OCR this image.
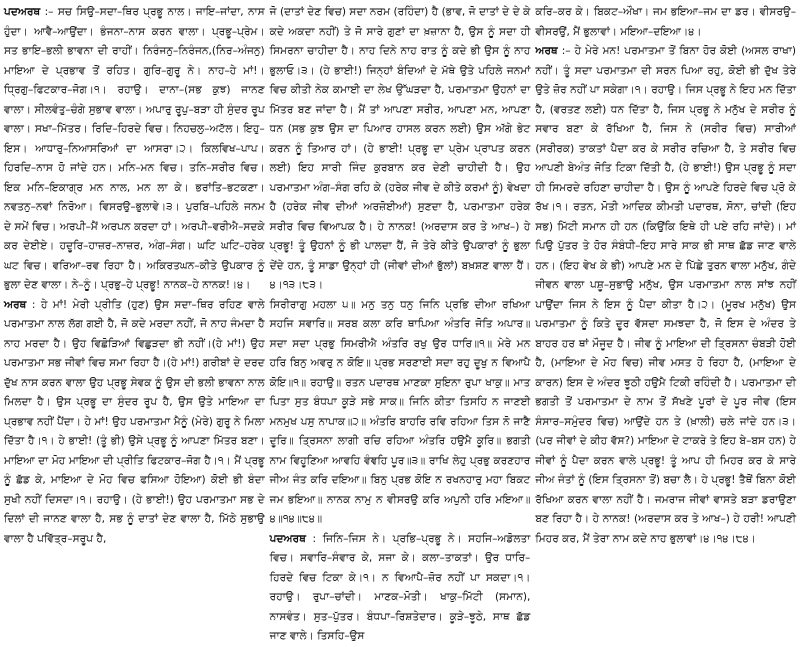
ਪਦਅਰਥ :– ਸਚ ਸਿਉ–ਸਦਾ–ਥਿਰ ਪ੍ਰਭੂ ਨਾਲ। ਜਾਇ–ਜਾਂਦਾ, ਨਾਸ ਹੁੰਦਾ। ਆਵੈ–ਆਉਂਦਾ। ਭੰਜਨਾ–ਨਾਸ ਕਰਨ ਵਾਲਾ। ਪ੍ਰਭੂ–ਪ੍ਰੇਮ। ਸਤ ਭਾਇ–ਭਲੀ ਭਾਵਨਾ ਦੀ ਰਾਹੀਂ। ਨਿਰੰਜਨੁ–ਨਿਰੰਜਨ,(ਨਿਰ–ਅੰਜਨੁ) ਮਾਇਆ ਦੇ ਪ੍ਰਭਾਵ ਤੋਂ ਰਹਿਤ। ਗੁਰਿ–ਗੁਰੂ ਨੇ। ਨਾਹ–ਹੇ ਮਾਂ!। ਧ੍ਰਿਗੁ–ਫਿਟਕਾਰ–ਜੋਗ।੧। ਰਹਾਉ। ਦਾਨਾ–(ਸਭ ਕੁਝ) ਜਾਨਣ ਵਾਲਾ। ਸੀਲਵੰਤੁ–ਚੰਗੇ ਸੁਭਾਵ ਵਾਲਾ। ਅਪਾਰੁ ਰੂਪੁ–ਬੜਾ ਹੀ ਸੁੰਦਰ ਰੂਪ ਵਾਲਾ। ਸਖਾ–ਮਿੱਤਰ। ਰਿਦਿ–ਹਿਰਦੇ ਵਿਚ। ਨਿਹਚਲੁ–ਅਟੱਲ। ਇਹੁ–ਇਸ। ਆਧਾਰੁ–ਨਿਆਸਰਿਆਂ ਦਾ ਆਸਰਾ।੨। ਕਿਲਵਿਖ–ਪਾਪ। ਹਿਰਦਿ–ਨਾਸ ਹੋ ਜਾਂਦੇ ਹਨ। ਮਨਿ–ਮਨ ਵਿਚ। ਤਨਿ–ਸਰੀਰ ਵਿਚ। ਇਕ ਮਨਿ–ਇਕਾਗ੍ਰ ਮਨ ਨਾਲ, ਮਨ ਲਾ ਕੇ। ਭਰਾਂਤਿ–ਭਟਕਣਾ। ਨਵਤਨੁ–ਨਵਾਂ ਨਿਰੋਆ। ਵਿਸਰਉ–ਭੁਲਾਵੇ।੩। ਪੁਰਬਿ–ਪਹਿਲੇ ਜਨਮ ਦੇ ਸਮੇਂ ਵਿਚ। ਅਰਪੀ–ਮੈਂ ਅਰਪਨ ਕਰਦਾ ਹਾਂ। ਅਰਪੀ–ਵਰੀਐ–ਸਦਕੇ ਕਰ ਦੇਈਏ। ਹਦੂਰਿ–ਹਾਜ਼ਰ–ਨਾਜ਼ਰ, ਅੰਗ–ਸੰਗ। ਘਟਿ ਘਟਿ–ਹਰੇਕ ਘਟ ਵਿਚ। ਵਰਿਆ–ਰਵ ਰਿਹਾ ਹੈ। ਅਕਿਰਤਘਨ–ਕੀਤੇ ਉਪਕਾਰ ਨੂੰ ਭੁਲਾ ਦੇਣ ਵਾਲਾ। ਨੇ–ਨੂੰ। ਪ੍ਰਭੁ–ਹੇ ਪ੍ਰਭੂ! ਨਾਨਕ–ਹੇ ਨਾਨਕ!।੪।

ਅਰਥ : ਹੇ ਮਾਂ! ਮੇਰੀ ਪ੍ਰੀਤਿ (ਹੁਣ) ਉਸ ਸਦਾ–ਥਿਰ ਰਹਿਣ ਵਾਲੇ ਪਰਮਾਤਮਾ ਨਾਲ ਲੱਗ ਗਈ ਹੈ, ਜੋ ਕਦੇ ਮਰਦਾ ਨਹੀਂ, ਜੋ ਨਾਹ ਜੰਮਦਾ ਹੈ ਨਾਹ ਮਰਦਾ ਹੈ। ਉਹ ਵਿਛੋੜਿਆਂ ਵਿਛੁੜਦਾ ਭੀ ਨਹੀਂ।(ਹੇ ਮਾਂ!) ਉਹ ਪਰਮਾਤਮਾ ਸਭ ਜੀਵਾਂ ਵਿਚ ਸਮਾ ਰਿਹਾ ਹੈ।(ਹੇ ਮਾਂ!) ਗਰੀਬਾਂ ਦੇ ਦਰਦ ਦੁੱਖ ਨਾਸ ਕਰਨ ਵਾਲਾ ਉਹ ਪ੍ਰਭੂ ਸੇਵਕ ਨੂੰ ਉਸ ਦੀ ਭਲੀ ਭਾਵਨਾ ਨਾਲ ਮਿਲਦਾ ਹੈ। ਉਸ ਪ੍ਰਭੂ ਦਾ ਸੁੰਦਰ ਰੂਪ ਹੈ, ਉਸ ਉਤੇ ਮਾਇਆ ਦਾ ਪ੍ਰਭਾਵ ਨਹੀਂ ਪੈਂਦਾ। ਹੇ ਮਾਂ! ਉਹ ਪਰਮਾਤਮਾ ਮੈਨੂੰ (ਮੇਰੇ) ਗੁਰੂ ਨੇ ਮਿਲਾ ਦਿੱਤਾ ਹੈ।੧। ਹੇ ਭਾਈ! (ਤੂੰ ਭੀ) ਉਸੇ ਪ੍ਰਭੂ ਨੂੰ ਆਪਣਾ ਮਿੱਤਰ ਬਣਾ। ਮਾਇਆ ਦਾ ਮੋਹ ਮਾਇਆ ਦੀ ਪ੍ਰੀਤਿ ਫਿਟਕਾਰ–ਜੋਗ ਹੈ।੧। ਮੈਂ ਪ੍ਰਭੂ ਨੂੰ ਛੱਡ ਕੇ, ਮਾਇਆ ਦੇ ਮੋਹ ਵਿਚ ਫਸਿਆ ਹੋਇਆ) ਕੋਈ ਭੀ ਬੰਦਾ ਸੁਖੀ ਨਹੀਂ ਦਿਸਦਾ।੧। ਰਹਾਉ। (ਹੇ ਭਾਈ!) ਉਹ ਪਰਮਾਤਮਾ ਸਭ ਦੇ ਦਿਲਾਂ ਦੀ ਜਾਨਣ ਵਾਲਾ ਹੈ, ਸਭ ਨੂੰ ਦਾਤਾਂ ਦੇਣ ਵਾਲਾ ਹੈ, ਮਿੱਠੇ ਸੁਭਾਉ ਵਾਲਾ ਹੈ ਪਵਿੱਤ੍ਰ–ਸਰੂਪ ਹੈ,

ਜੋ (ਦਾਤਾਂ ਦੇਣ ਵਿਚ) ਸਦਾ ਨਰਮ (ਰਹਿੰਦਾ) ਹੈ (ਭਾਵ, ਜੋ ਦਾਤਾਂ ਦੇ ਦੇ ਕੇ ਕਦੇ ਅਕਦਾ ਨਹੀਂ) ਤੇ ਜੋ ਸਾਰੇ ਗੁਣਾਂ ਦਾ ਖ਼ਜ਼ਾਨਾ ਹੈ, ਉਸ ਨੂੰ ਸਦਾ ਹੀ ਸਿਮਰਨਾ ਚਾਹੀਦਾ ਹੈ। ਨਾਹ ਦਿਨੇ ਨਾਹ ਰਾਤ ਨੂੰ ਕਦੇ ਭੀ ਉਸ ਨੂੰ ਨਾਹ ਭੁਲਾਓ।੩। (ਹੇ ਭਾਈ!) ਜਿਨ੍ਹਾਂ ਬੰਦਿਆਂ ਦੇ ਮੱਥੇ ਉਤੇ ਪਹਿਲੇ ਜਨਮਾਂ ਵਿਚ ਕੀਤੀ ਨੇਕ ਕਮਾਈ ਦਾ ਲੇਖ ਉੱਘੜਦਾ ਹੈ, ਪਰਮਾਤਮਾ ਉਹਨਾਂ ਦਾ ਮਿੱਤਰ ਬਣ ਜਾਂਦਾ ਹੈ। ਮੈਂ ਤਾਂ ਆਪਣਾ ਸਰੀਰ, ਆਪਣਾ ਮਨ, ਆਪਣਾ ਧਨ (ਸਭ ਕੁਝ ਉਸ ਦਾ ਪਿਆਰ ਹਾਸਲ ਕਰਨ ਲਈ) ਉਸ ਅੱਗੇ ਭੇਟ ਕਰਨ ਨੂੰ ਤਿਆਰ ਹਾਂ। (ਹੇ ਭਾਈ! ਪ੍ਰਭੂ ਦਾ ਪ੍ਰੇਮ ਪ੍ਰਾਪਤ ਕਰਨ ਲਈ) ਇਹ ਸਾਰੀ ਜਿੰਦ ਕੁਰਬਾਨ ਕਰ ਦੇਣੀ ਚਾਹੀਦੀ ਹੈ। ਉਹ ਪਰਮਾਤਮਾ ਅੰਗ–ਸੰਗ ਰਹਿ ਕੇ (ਹਰੇਕ ਜੀਵ ਦੇ ਕੀਤੇ ਕਰਮਾਂ ਨੂੰ) ਵੇਖਦਾ ਹੈ (ਹਰੇਕ ਜੀਵ ਦੀਆਂ ਅਰਜ਼ੋਈਆਂ) ਸੁਣਦਾ ਹੈ, ਪਰਮਾਤਮਾ ਹਰੇਕ ਸਰੀਰ ਵਿਚ ਵਿਆਪਕ ਹੈ। ਹੇ ਨਾਨਕ! (ਅਰਦਾਸ ਕਰ ਤੇ ਆਖ–) ਹੇ ਪ੍ਰਭੂ! ਤੂੰ ਉਹਨਾਂ ਨੂੰ ਭੀ ਪਾਲਦਾ ਹੈਂ, ਜੋ ਤੇਰੇ ਕੀਤੇ ਉਪਕਾਰਾਂ ਨੂੰ ਭੁਲਾ ਦੇਂਦੇ ਹਨ, ਤੂੰ ਸਾਡਾ ਉਨ੍ਹਾਂ ਹੀ (ਜੀਵਾਂ ਦੀਆਂ ਭੁੱਲਾਂ) ਬਖ਼ਸ਼ਣ ਵਾਲਾ ਹੈਂ।੪।੧੩।੮੩।

ਸਿਰੀਰਾਗੁ ਮਹਲਾ ੫॥ ਮਨੁ ਤਨੁ ਧਨੁ ਜਿਨਿ ਪ੍ਰਭਿ ਦੀਆ ਰਖਿਆ ਸਹਜਿ ਸਵਾਰਿ॥ ਸਰਬ ਕਲਾ ਕਰਿ ਥਾਪਿਆ ਅੰਤਰਿ ਜੋਤਿ ਅਪਾਰ॥ ਸਦਾ ਸਦਾ ਪ੍ਰਭੁ ਸਿਮਰੀਐ ਅੰਤਰਿ ਰਖੁ ਉਰ ਧਾਰਿ॥੧॥ ਮੇਰੇ ਮਨ ਹਰਿ ਬਿਨੁ ਅਵਰੁ ਨ ਕੋਇ॥ ਪ੍ਰਭ ਸਰਣਾਈ ਸਦਾ ਰਹੁ ਦੂਖੁ ਨ ਵਿਆਪੈ ਕੋਇ॥੧॥ ਰਹਾਉ॥ ਰਤਨ ਪਦਾਰਥ ਮਾਣਕਾ ਸੁਇਨਾ ਰੁਪਾ ਖਾਕੁ॥ ਮਾਤ ਪਿਤਾ ਸੁਤ ਬੰਧਪਾ ਕੂੜੇ ਸਭੇ ਸਾਕ॥ ਜਿਨਿ ਕੀਤਾ ਤਿਸਹਿ ਨ ਜਾਣਈ ਮਨਮੁਖ ਪਸੁ ਨਾਪਾਕ॥੨॥ ਅੰਤਰਿ ਬਾਹਰਿ ਰਵਿ ਰਹਿਆ ਤਿਸ ਨੋ ਜਾਣੈ ਦੂਰਿ॥ ਤ੍ਰਿਸਨਾ ਲਾਗੀ ਰਚਿ ਰਹਿਆ ਅੰਤਰਿ ਹਉਮੈ ਕੂਰਿ॥ ਭਗਤੀ ਨਾਮ ਵਿਹੂਣਿਆ ਆਵਹਿ ਵੰਞਹਿ ਪੂਰ॥੩॥ ਰਾਖਿ ਲੇਹੁ ਪ੍ਰਭੁ ਕਰਣਹਾਰ ਜੀਅ ਜੰਤ ਕਰਿ ਦਇਆ॥ ਬਿਨੁ ਪ੍ਰਭ ਕੋਇ ਨ ਰਖਨਹਾਰੁ ਮਹਾ ਬਿਕਟ ਜਮ ਭਇਆ॥ ਨਾਨਕ ਨਾਮੁ ਨ ਵੀਸਰਉ ਕਰਿ ਅਪੁਨੀ ਹਰਿ ਮਇਆ॥੪॥੧੪॥੮੪॥

ਪਦਅਰਥ : ਜਿਨਿ–ਜਿਸ ਨੇ। ਪ੍ਰਭਿ–ਪ੍ਰਭੂ ਨੇ। ਸਹਜਿ–ਅਡੋਲਤਾ ਵਿਚ। ਸਵਾਰਿ–ਸੰਵਾਰ ਕੇ, ਸਜਾ ਕੇ। ਕਲਾ–ਤਾਕਤਾਂ। ਉਰ ਧਾਰਿ–ਹਿਰਦੇ ਵਿਚ ਟਿਕਾ ਕੇ।੧। ਨ ਵਿਆਪੈ–ਜ਼ੋਰ ਨਹੀਂ ਪਾ ਸਕਦਾ।੧। ਰਹਾਉ। ਰੁਪਾ–ਚਾਂਦੀ। ਮਾਣਕ–ਮੋਤੀ। ਖਾਕੁ–ਮਿੱਟੀ (ਸਮਾਨ), ਨਾਸਵੰਤ। ਸੁਤ–ਪੁੱਤਰ। ਬੰਧਪਾ–ਰਿਸ਼ਤੇਦਾਰ। ਕੂੜੇ–ਝੂਠੇ, ਸਾਥ ਛੱਡ ਜਾਣ ਵਾਲੇ। ਤਿਸਹਿ–ਉਸ

ਕਰਿ–ਕਰ ਕੇ। ਬਿਕਟ–ਔਖਾ। ਜਮ ਭਇਆ–ਜਮ ਦਾ ਡਰ। ਵੀਸਰਉ–ਵੀਸਰਉਂ, ਮੈਂ ਭੁਲਾਵਾਂ। ਮਇਆ–ਦਇਆ।੪।

ਅਰਥ :– ਹੇ ਮੇਰੇ ਮਨ! ਪਰਮਾਤਮਾ ਤੋਂ ਬਿਨਾ ਹੋਰ ਕੋਈ (ਅਸਲ ਰਾਖਾ) ਨਹੀਂ। ਤੂੰ ਸਦਾ ਪਰਮਾਤਮਾ ਦੀ ਸਰਨ ਪਿਆ ਰਹੁ, ਕੋਈ ਭੀ ਦੁੱਖ ਤੇਰੇ ਉਤੇ ਜ਼ੋਰ ਨਹੀਂ ਪਾ ਸਕੇਗਾ।੧। ਰਹਾਉ। ਜਿਸ ਪ੍ਰਭੂ ਨੇ ਇਹ ਮਨ ਦਿੱਤਾ ਹੈ, (ਵਰਤਣ ਲਈ) ਧਨ ਦਿੱਤਾ ਹੈ, ਜਿਸ ਪ੍ਰਭੂ ਨੇ ਮਨੁੱਖ ਦੇ ਸਰੀਰ ਨੂੰ ਸਵਾਰ ਬਣਾ ਕੇ ਰੱਖਿਆ ਹੈ, ਜਿਸ ਨੇ (ਸਰੀਰ ਵਿਚ) ਸਾਰੀਆਂ (ਸਰੀਰਕ) ਤਾਕਤਾਂ ਪੈਦਾ ਕਰ ਕੇ ਸਰੀਰ ਰਚਿਆ ਹੈ, ਤੇ ਸਰੀਰ ਵਿਚ ਆਪਣੀ ਬੇਅੰਤ ਜੋਤਿ ਟਿਕਾ ਦਿੱਤੀ ਹੈ, (ਹੇ ਭਾਈ!) ਉਸ ਪ੍ਰਭੂ ਨੂੰ ਸਦਾ ਹੀ ਸਿਮਰਦੇ ਰਹਿਣਾ ਚਾਹੀਦਾ ਹੈ। ਉਸ ਨੂੰ ਆਪਣੇ ਹਿਰਦੇ ਵਿਚ ਪ੍ਰੋ ਕੇ ਰੱਖ।੧। ਰਤਨ, ਮੋਤੀ ਆਦਿਕ ਕੀਮਤੀ ਪਦਾਰਥ, ਸੋਨਾ, ਚਾਂਦੀ (ਇਹ ਸਭ) ਮਿੱਟੀ ਸਮਾਨ ਹੀ ਹਨ (ਕਿਉਂਕਿ ਇਥੇ ਹੀ ਪਏ ਰਹਿ ਜਾਂਦੇ)। ਮਾਂ ਪਿਉ ਪੁੱਤਰ ਤੇ ਹੋਰ ਸੰਬੰਧੀ–ਇਹ ਸਾਰੇ ਸਾਕ ਭੀ ਸਾਥ ਛੱਡ ਜਾਣ ਵਾਲੇ ਹਨ। (ਇਹ ਵੇਖ ਕੇ ਭੀ) ਆਪਣੇ ਮਨ ਦੇ ਪਿੱਛੇ ਤੁਰਨ ਵਾਲਾ ਮਨੁੱਖ, ਗੰਦੇ ਜੀਵਨ ਵਾਲਾ ਪਸ਼ੂ–ਸੁਭਾਉ ਮਨੁੱਖ, ਉਸ ਪਰਮਾਤਮਾ ਨਾਲ ਸਾਂਝ ਨਹੀਂ ਪਾਉਂਦਾ ਜਿਸ ਨੇ ਇਸ ਨੂੰ ਪੈਦਾ ਕੀਤਾ ਹੈ।੨। (ਮੂਰਖ ਮਨੁੱਖ) ਉਸ ਪਰਮਾਤਮਾ ਨੂੰ ਕਿਤੇ ਦੂਰ ਵੱਸਦਾ ਸਮਝਦਾ ਹੈ, ਜੋ ਇਸ ਦੇ ਅੰਦਰ ਤੇ ਬਾਹਰ ਹਰ ਥਾਂ ਮੌਜੂਦ ਹੈ। ਜੀਵ ਨੂੰ ਮਾਇਆ ਦੀ ਤ੍ਰਿਸਨਾ ਚੰਬੜੀ ਹੋਈ ਹੈ, (ਮਾਇਆ ਦੇ ਮੋਹ ਵਿਚ) ਜੀਵ ਮਸਤ ਹੋ ਰਿਹਾ ਹੈ, (ਮਾਇਆ ਦੇ ਕਾਰਨ) ਇਸ ਦੇ ਅੰਦਰ ਝੂਠੀ ਹਉਮੈ ਟਿਕੀ ਰਹਿੰਦੀ ਹੈ। ਪਰਮਾਤਮਾ ਦੀ ਭਗਤੀ ਤੋਂ ਪਰਮਾਤਮਾ ਦੇ ਨਾਮ ਤੋਂ ਸੱਖਣੇ ਪੂਰਾਂ ਦੇ ਪੂਰ ਜੀਵ (ਇਸ ਸੰਸਾਰ–ਸਮੁੰਦਰ ਵਿਚ) ਆਉਂਦੇ ਹਨ ਤੇ (ਖ਼ਾਲੀ) ਚਲੇ ਜਾਂਦੇ ਹਨ।੩। (ਪਰ ਜੀਵਾਂ ਦੇ ਕੀਹ ਵੱਸ?) ਮਾਇਆ ਦੇ ਟਾਕਰੇ ਤੇ ਇਹ ਬੇ–ਬਸ ਹਨ) ਹੇ ਜੀਵਾਂ ਨੂੰ ਪੈਦਾ ਕਰਨ ਵਾਲੇ ਪ੍ਰਭੂ! ਤੂੰ ਆਪ ਹੀ ਮਿਹਰ ਕਰ ਕੇ ਸਾਰੇ ਜੀਅ ਜੰਤਾਂ ਨੂੰ (ਇਸ ਤ੍ਰਿਸਨਾ ਤੋਂ) ਬਚਾ ਲੈ। ਹੇ ਪ੍ਰਭੂ! ਤੈਥੋਂ ਬਿਨਾ ਕੋਈ ਰੱਖਿਆ ਕਰਨ ਵਾਲਾ ਨਹੀਂ ਹੈ। ਜਮਰਾਜ ਜੀਵਾਂ ਵਾਸਤੇ ਬੜਾ ਡਰਾਉਣਾ ਬਣ ਰਿਹਾ ਹੈ। ਹੇ ਨਾਨਕ! (ਅਰਦਾਸ ਕਰ ਤੇ ਆਖ–) ਹੇ ਹਰੀ! ਆਪਣੀ ਮਿਹਰ ਕਰ, ਮੈਂ ਤੇਰਾ ਨਾਮ ਕਦੇ ਨਾਹ ਭੁਲਾਵਾਂ।੪।੧੪।੮੪।
